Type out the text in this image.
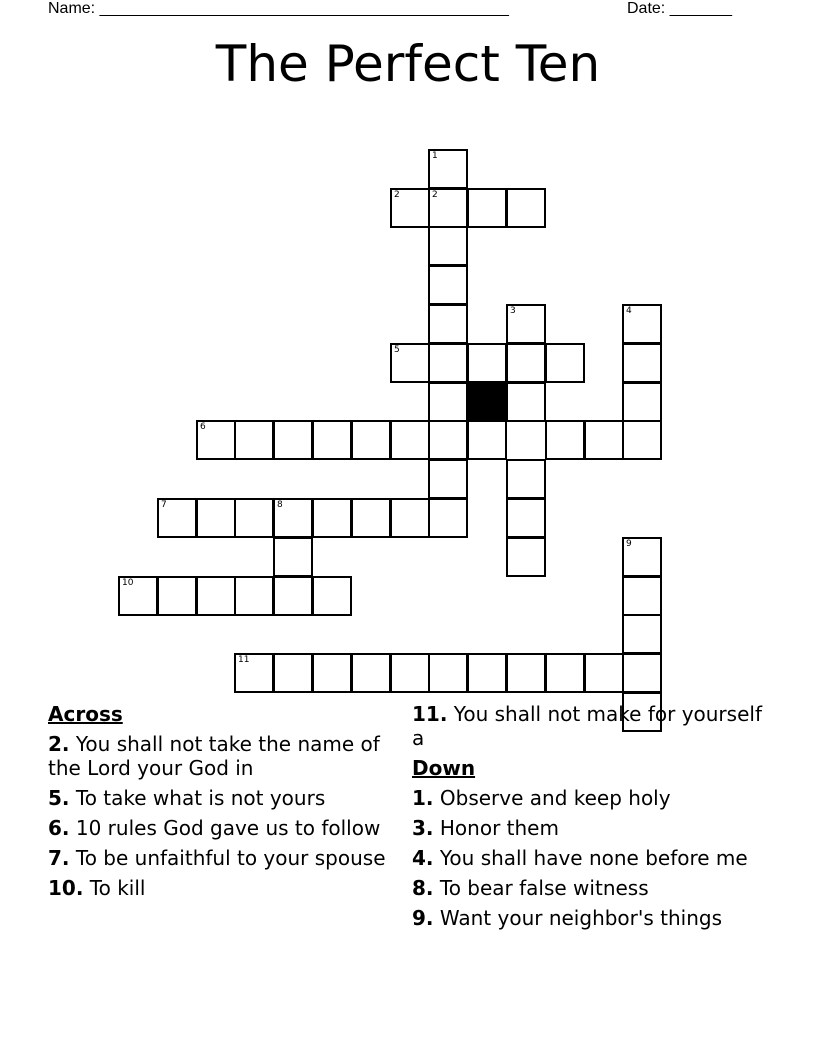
Name: ______________________________________________	Date: _______
The Perfect Ten
1
2
2
5
3	4
6
7	8
10
9
11
Across
2. You shall not take the name of the Lord your God in
5. To take what is not yours
6. 10 rules God gave us to follow
7. To be unfaithful to your spouse
10. To kill
11. You shall not make for yourself a
Down
1. Observe and keep holy
3. Honor them
4. You shall have none before me
8. To bear false witness
9. Want your neighbor's things
